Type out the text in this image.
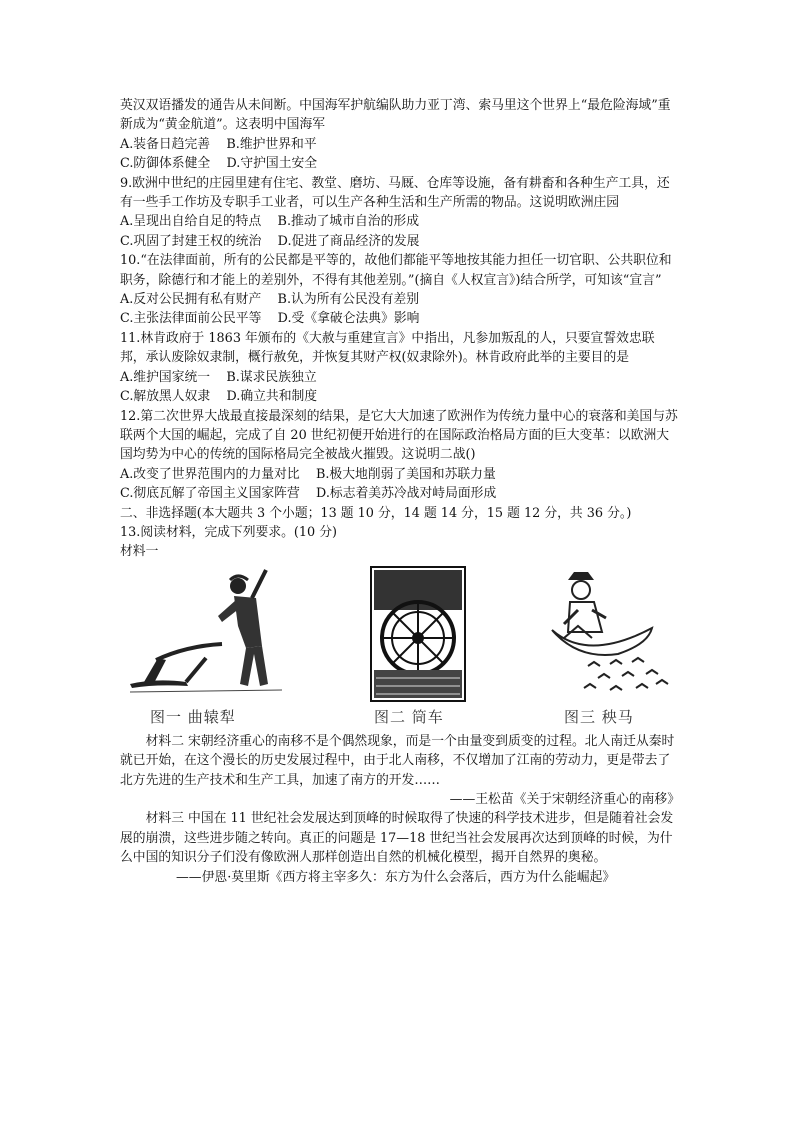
英汉双语播发的通告从未间断。中国海军护航编队助力亚丁湾、索马里这个世界上“最危险海域”重新成为“黄金航道”。这表明中国海军

A.装备日趋完善    B.维护世界和平

C.防御体系健全    D.守护国土安全

9.欧洲中世纪的庄园里建有住宅、教堂、磨坊、马厩、仓库等设施，备有耕畜和各种生产工具，还有一些手工作坊及专职手工业者，可以生产各种生活和生产所需的物品。这说明欧洲庄园

A.呈现出自给自足的特点    B.推动了城市自治的形成

C.巩固了封建王权的统治    D.促进了商品经济的发展

10.“在法律面前，所有的公民都是平等的，故他们都能平等地按其能力担任一切官职、公共职位和职务，除德行和才能上的差别外，不得有其他差别。”(摘自《人权宣言》)结合所学，可知该“宣言”

A.反对公民拥有私有财产    B.认为所有公民没有差别

C.主张法律面前公民平等    D.受《拿破仑法典》影响

11.林肯政府于 1863 年颁布的《大赦与重建宣言》中指出，凡参加叛乱的人，只要宣誓效忠联邦，承认废除奴隶制，概行赦免，并恢复其财产权(奴隶除外)。林肯政府此举的主要目的是

A.维护国家统一    B.谋求民族独立

C.解放黑人奴隶    D.确立共和制度

12.第二次世界大战最直接最深刻的结果，是它大大加速了欧洲作为传统力量中心的衰落和美国与苏联两个大国的崛起，完成了自 20 世纪初便开始进行的在国际政治格局方面的巨大变革：以欧洲大国均势为中心的传统的国际格局完全被战火摧毁。这说明二战()

A.改变了世界范围内的力量对比    B.极大地削弱了美国和苏联力量

C.彻底瓦解了帝国主义国家阵营    D.标志着美苏冷战对峙局面形成

二、非选择题(本大题共 3 个小题；13 题 10 分，14 题 14 分，15 题 12 分，共 36 分。)

13.阅读材料，完成下列要求。(10 分)

材料一

图一 曲辕犁	图二 筒车	图三 秧马

材料二 宋朝经济重心的南移不是个偶然现象，而是一个由量变到质变的过程。北人南迁从秦时就已开始，在这个漫长的历史发展过程中，由于北人南移，不仅增加了江南的劳动力，更是带去了北方先进的生产技术和生产工具，加速了南方的开发……

——王松苗《关于宋朝经济重心的南移》

材料三 中国在 11 世纪社会发展达到顶峰的时候取得了快速的科学技术进步，但是随着社会发展的崩溃，这些进步随之转向。真正的问题是 17—18 世纪当社会发展再次达到顶峰的时候，为什么中国的知识分子们没有像欧洲人那样创造出自然的机械化模型，揭开自然界的奥秘。

——伊恩·莫里斯《西方将主宰多久：东方为什么会落后，西方为什么能崛起》
